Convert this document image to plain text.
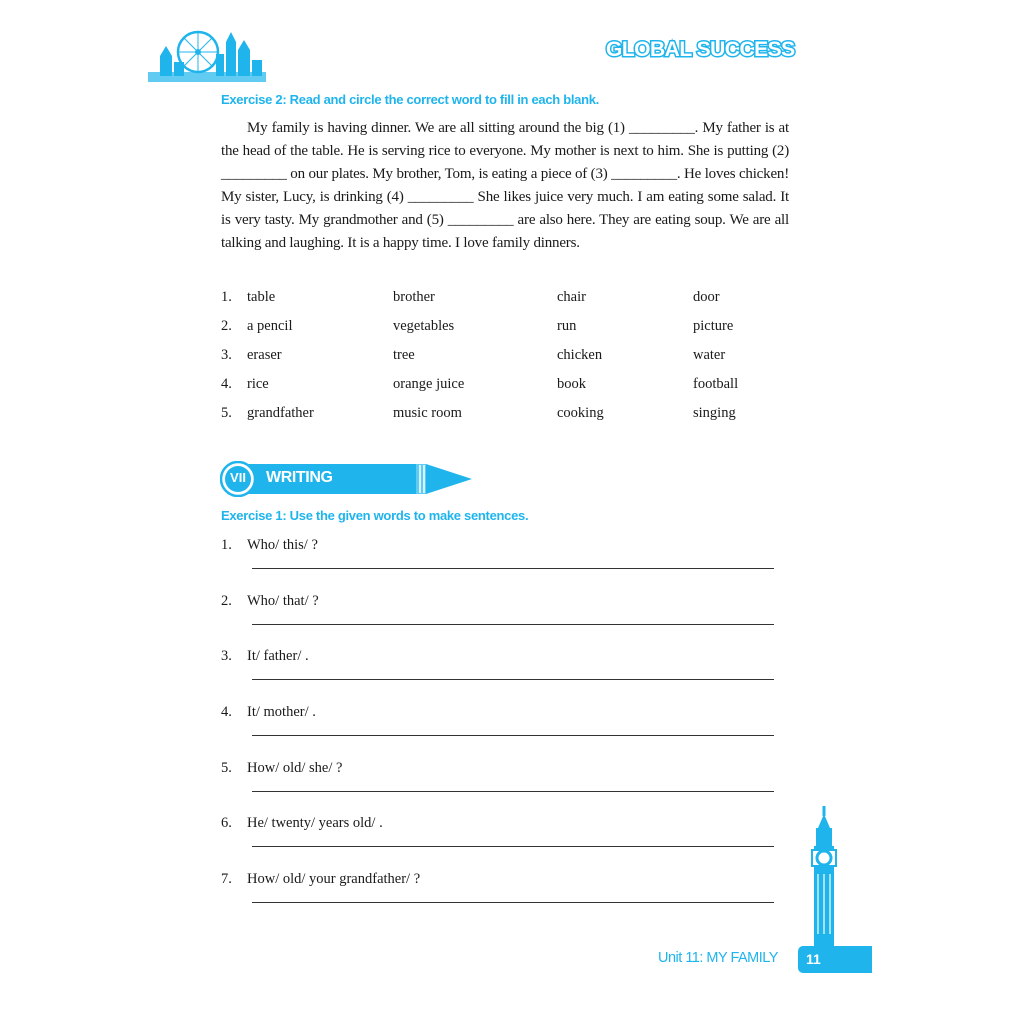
GLOBAL SUCCESS
Exercise 2: Read and circle the correct word to fill in each blank.
My family is having dinner. We are all sitting around the big (1) _________. My father is at the head of the table. He is serving rice to everyone. My mother is next to him. She is putting (2) _________ on our plates. My brother, Tom, is eating a piece of (3) _________. He loves chicken! My sister, Lucy, is drinking (4) _________ She likes juice very much. I am eating some salad. It is very tasty. My grandmother and (5) _________ are also here. They are eating soup. We are all talking and laughing. It is a happy time. I love family dinners.
1. table	brother	chair	door
2. a pencil	vegetables	run	picture
3. eraser	tree	chicken	water
4. rice	orange juice	book	football
5. grandfather	music room	cooking	singing
VII	WRITING
Exercise 1: Use the given words to make sentences.
1. Who/ this/ ?
2. Who/ that/ ?
3. It/ father/ .
4. It/ mother/ .
5. How/ old/ she/ ?
6. He/ twenty/ years old/ .
7. How/ old/ your grandfather/ ?
Unit 11: MY FAMILY	11
